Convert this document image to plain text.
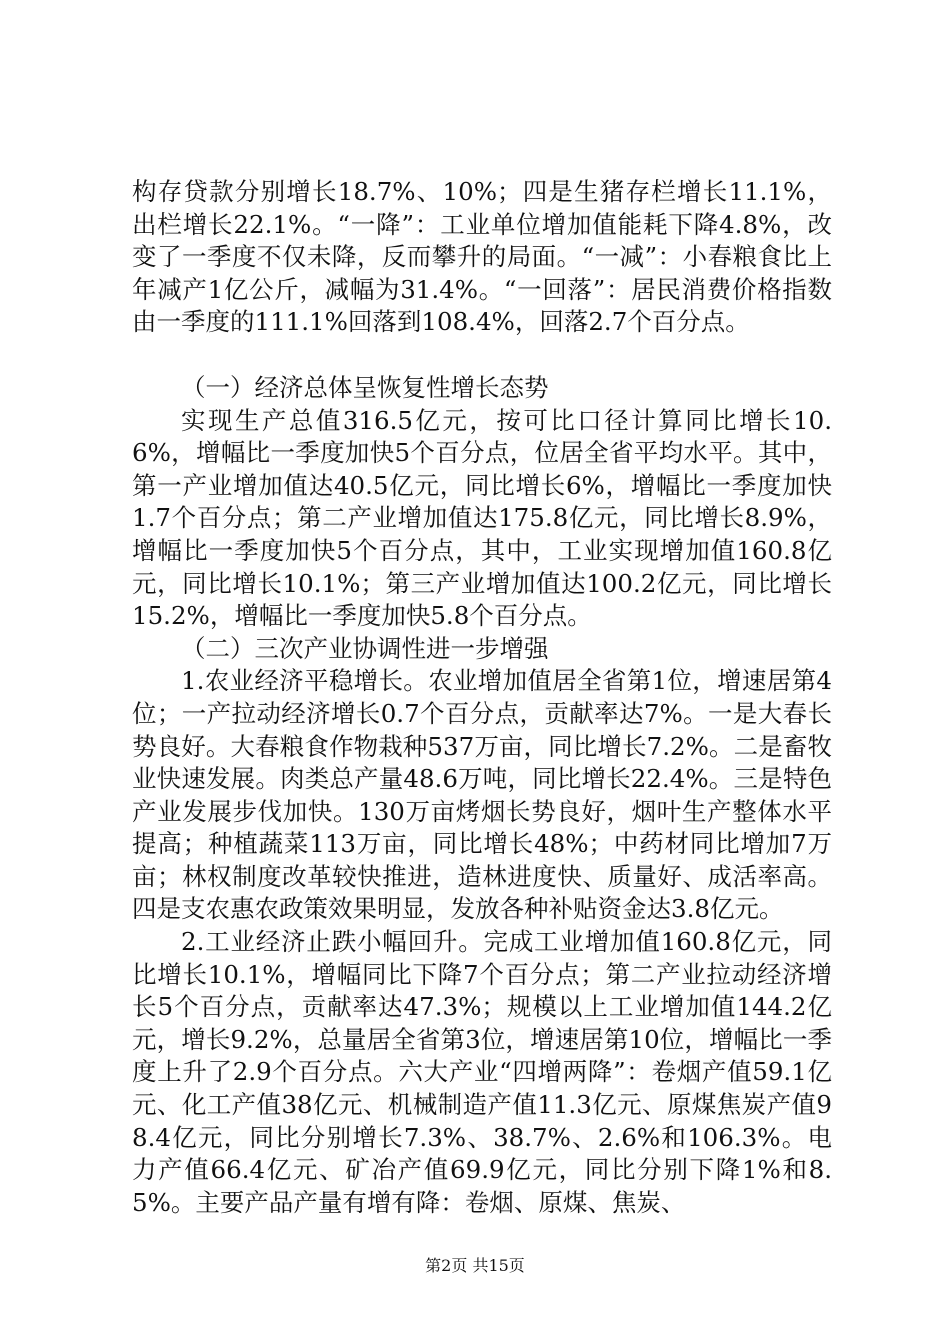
构存贷款分别增长18.7%、10%；四是生猪存栏增长11.1%，出栏增长22.1%。“一降”：工业单位增加值能耗下降4.8%，改变了一季度不仅未降，反而攀升的局面。“一减”：小春粮食比上年减产1亿公斤，减幅为31.4%。“一回落”：居民消费价格指数由一季度的111.1%回落到108.4%，回落2.7个百分点。

（一）经济总体呈恢复性增长态势

实现生产总值316.5亿元，按可比口径计算同比增长10.6%，增幅比一季度加快5个百分点，位居全省平均水平。其中，第一产业增加值达40.5亿元，同比增长6%，增幅比一季度加快1.7个百分点；第二产业增加值达175.8亿元，同比增长8.9%，增幅比一季度加快5个百分点，其中，工业实现增加值160.8亿元，同比增长10.1%；第三产业增加值达100.2亿元，同比增长15.2%，增幅比一季度加快5.8个百分点。

（二）三次产业协调性进一步增强

1.农业经济平稳增长。农业增加值居全省第1位，增速居第4位；一产拉动经济增长0.7个百分点，贡献率达7%。一是大春长势良好。大春粮食作物栽种537万亩，同比增长7.2%。二是畜牧业快速发展。肉类总产量48.6万吨，同比增长22.4%。三是特色产业发展步伐加快。130万亩烤烟长势良好，烟叶生产整体水平提高；种植蔬菜113万亩，同比增长48%；中药材同比增加7万亩；林权制度改革较快推进，造林进度快、质量好、成活率高。四是支农惠农政策效果明显，发放各种补贴资金达3.8亿元。

2.工业经济止跌小幅回升。完成工业增加值160.8亿元，同比增长10.1%，增幅同比下降7个百分点；第二产业拉动经济增长5个百分点，贡献率达47.3%；规模以上工业增加值144.2亿元，增长9.2%，总量居全省第3位，增速居第10位，增幅比一季度上升了2.9个百分点。六大产业“四增两降”：卷烟产值59.1亿元、化工产值38亿元、机械制造产值11.3亿元、原煤焦炭产值98.4亿元，同比分别增长7.3%、38.7%、2.6%和106.3%。电力产值66.4亿元、矿冶产值69.9亿元，同比分别下降1%和8.5%。主要产品产量有增有降：卷烟、原煤、焦炭、

第2页 共15页
